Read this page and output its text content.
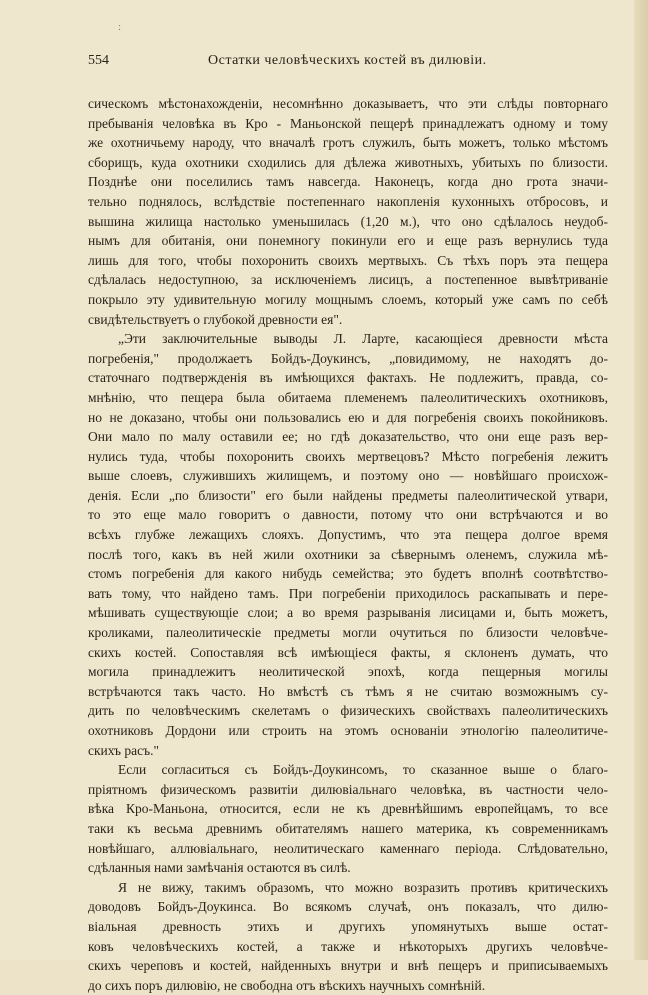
:
554	Остатки человѣческихъ костей въ дилювіи.
сическомъ мѣстонахожденіи, несомнѣнно доказываетъ, что эти слѣды повторнаго
пребыванія человѣка въ Кро - Маньонской пещерѣ принадлежатъ одному и тому
же охотничьему народу, что вначалѣ гротъ служилъ, быть можетъ, только мѣстомъ
сборищъ, куда охотники сходились для дѣлежа животныхъ, убитыхъ по близости.
Позднѣе они поселились тамъ навсегда. Наконецъ, когда дно грота значи-
тельно поднялось, вслѣдствіе постепеннаго накопленія кухонныхъ отбросовъ, и
вышина жилища настолько уменьшилась (1,20 м.), что оно сдѣлалось неудоб-
нымъ для обитанія, они понемногу покинули его и еще разъ вернулись туда
лишь для того, чтобы похоронить своихъ мертвыхъ. Съ тѣхъ поръ эта пещера
сдѣлалась недоступною, за исключеніемъ лисицъ, а постепенное вывѣтриваніе
покрыло эту удивительную могилу мощнымъ слоемъ, который уже самъ по себѣ
свидѣтельствуетъ о глубокой древности ея".
„Эти заключительные выводы Л. Ларте, касающіеся древности мѣста
погребенія," продолжаетъ Бойдъ-Доукинсъ, „повидимому, не находятъ до-
статочнаго подтвержденія въ имѣющихся фактахъ. Не подлежитъ, правда, со-
мнѣнію, что пещера была обитаема племенемъ палеолитическихъ охотниковъ,
но не доказано, чтобы они пользовались ею и для погребенія своихъ покойниковъ.
Они мало по малу оставили ее; но гдѣ доказательство, что они еще разъ вер-
нулись туда, чтобы похоронить своихъ мертвецовъ? Мѣсто погребенія лежитъ
выше слоевъ, служившихъ жилищемъ, и поэтому оно — новѣйшаго происхож-
денія. Если „по близости" его были найдены предметы палеолитической утвари,
то это еще мало говоритъ о давности, потому что они встрѣчаются и во
всѣхъ глубже лежащихъ слояхъ. Допустимъ, что эта пещера долгое время
послѣ того, какъ въ ней жили охотники за сѣвернымъ оленемъ, служила мѣ-
стомъ погребенія для какого нибудь семейства; это будетъ вполнѣ соотвѣтство-
вать тому, что найдено тамъ. При погребеніи приходилось раскапывать и пере-
мѣшивать существующіе слои; а во время разрыванія лисицами и, быть можетъ,
кроликами, палеолитическіе предметы могли очутиться по близости человѣче-
скихъ костей. Сопоставляя всѣ имѣющіеся факты, я склоненъ думать, что
могила принадлежитъ неолитической эпохѣ, когда пещерныя могилы
встрѣчаются такъ часто. Но вмѣстѣ съ тѣмъ я не считаю возможнымъ су-
дить по человѣческимъ скелетамъ о физическихъ свойствахъ палеолитическихъ
охотниковъ Дордони или строить на этомъ основаніи этнологію палеолитиче-
скихъ расъ."
Если согласиться съ Бойдъ-Доукинсомъ, то сказанное выше о благо-
пріятномъ физическомъ развитіи дилювіальнаго человѣка, въ частности чело-
вѣка Кро-Маньона, относится, если не къ древнѣйшимъ европейцамъ, то все
таки къ весьма древнимъ обитателямъ нашего материка, къ современникамъ
новѣйшаго, аллювіальнаго, неолитическаго каменнаго періода. Слѣдовательно,
сдѣланныя нами замѣчанія остаются въ силѣ.
Я не вижу, такимъ образомъ, что можно возразить противъ критическихъ
доводовъ Бойдъ-Доукинса. Во всякомъ случаѣ, онъ показалъ, что дилю-
віальная древность этихъ и другихъ упомянутыхъ выше остат-
ковъ человѣческихъ костей, а также и нѣкоторыхъ другихъ человѣче-
скихъ череповъ и костей, найденныхъ внутри и внѣ пещеръ и приписываемыхъ
до сихъ поръ дилювію, не свободна отъ вѣскихъ научныхъ сомнѣній.
